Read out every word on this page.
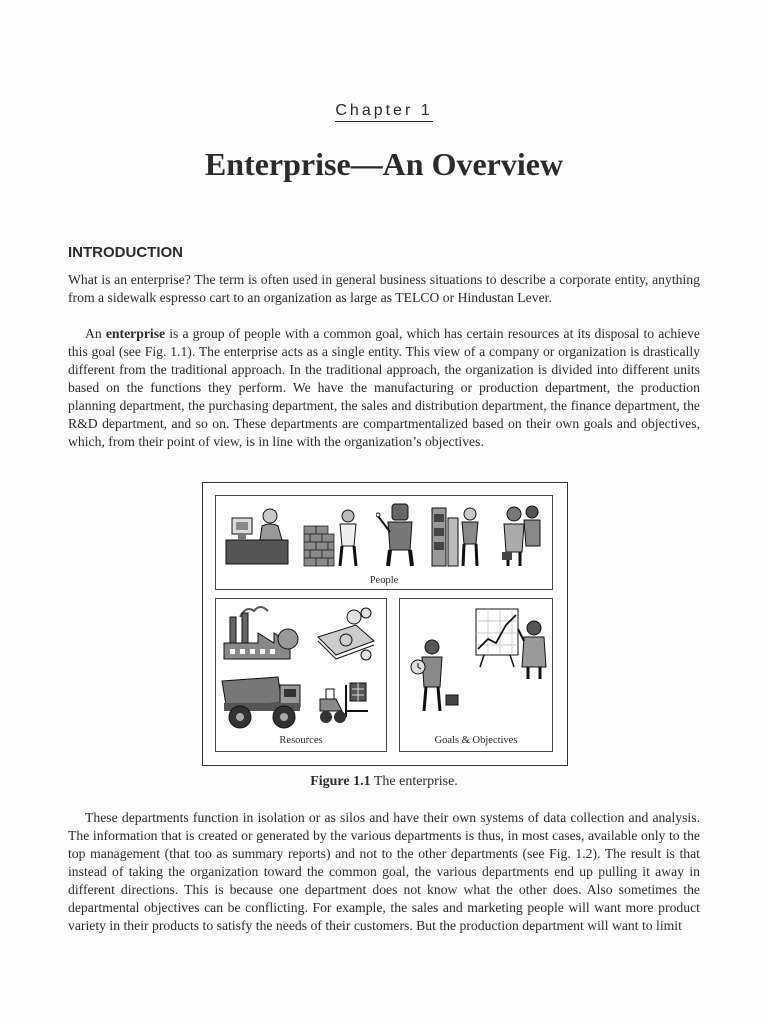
Chapter 1
Enterprise—An Overview
INTRODUCTION

What is an enterprise? The term is often used in general business situations to describe a corporate entity, anything from a sidewalk espresso cart to an organization as large as TELCO or Hindustan Lever.

An enterprise is a group of people with a common goal, which has certain resources at its disposal to achieve this goal (see Fig. 1.1). The enterprise acts as a single entity. This view of a company or organization is drastically different from the traditional approach. In the traditional approach, the organization is divided into different units based on the functions they perform. We have the manufacturing or production department, the production planning department, the purchasing department, the sales and distribution department, the finance department, the R&D department, and so on. These departments are compartmentalized based on their own goals and objectives, which, from their point of view, is in line with the organization’s objectives.

People
Resources	Goals & Objectives

Figure 1.1 The enterprise.

These departments function in isolation or as silos and have their own systems of data collection and analysis. The information that is created or generated by the various departments is thus, in most cases, available only to the top management (that too as summary reports) and not to the other departments (see Fig. 1.2). The result is that instead of taking the organization toward the common goal, the various departments end up pulling it away in different directions. This is because one department does not know what the other does. Also sometimes the departmental objectives can be conflicting. For example, the sales and marketing people will want more product variety in their products to satisfy the needs of their customers. But the production department will want to limit
